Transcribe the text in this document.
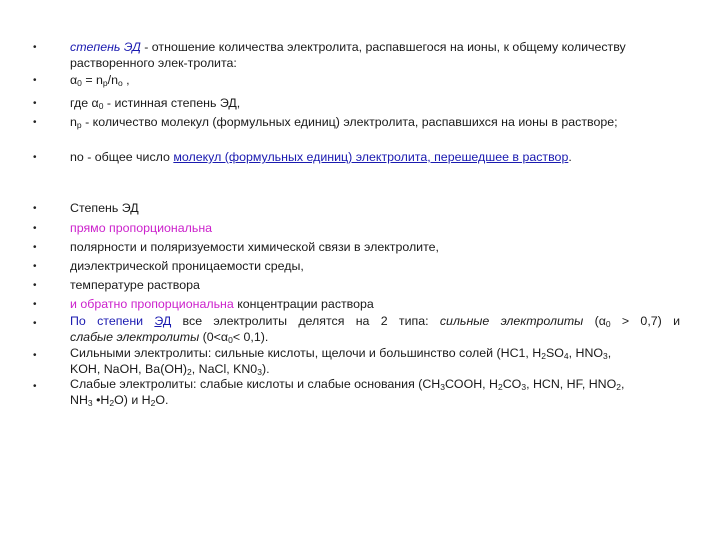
•	степень ЭД - отношение количества электролита, распавшегося на ионы, к общему количеству растворенного элек-тролита:
•	$\alpha_0 = n_p/n_o$ ,
•	где $\alpha_0$ - истинная степень ЭД,
•	$n_p$ - количество молекул (формульных единиц) электролита, распавшихся на ионы в растворе;
•	no - общее число молекул (формульных единиц) электролита, перешедшее в раствор.
•	Степень ЭД
•	прямо пропорциональна
•	полярности и поляризуемости химической связи в электролите,
•	диэлектрической проницаемости среды,
•	температуре раствора
•	и обратно пропорциональна концентрации раствора
•	По степени ЭД все электролиты делятся на 2 типа: сильные электролиты $(\alpha_0 > 0,7)$ и
слабые электролиты $(0<\alpha_0< 0,1)$.
•	Сильными электролиты: сильные кислоты, щелочи и большинство солей (HC1, $H_2SO_4$, $HNO_3$,
KOH, NaOH, $Ba(OH)_2$, NaCl, $KN0_3$).
•	Слабые электролиты: слабые кислоты и слабые основания ($CH_3COOH$, $H_2CO_3$, HCN, HF, $HNO_2$,
$NH_3$ $•H_2O$) и $H_2O$.
